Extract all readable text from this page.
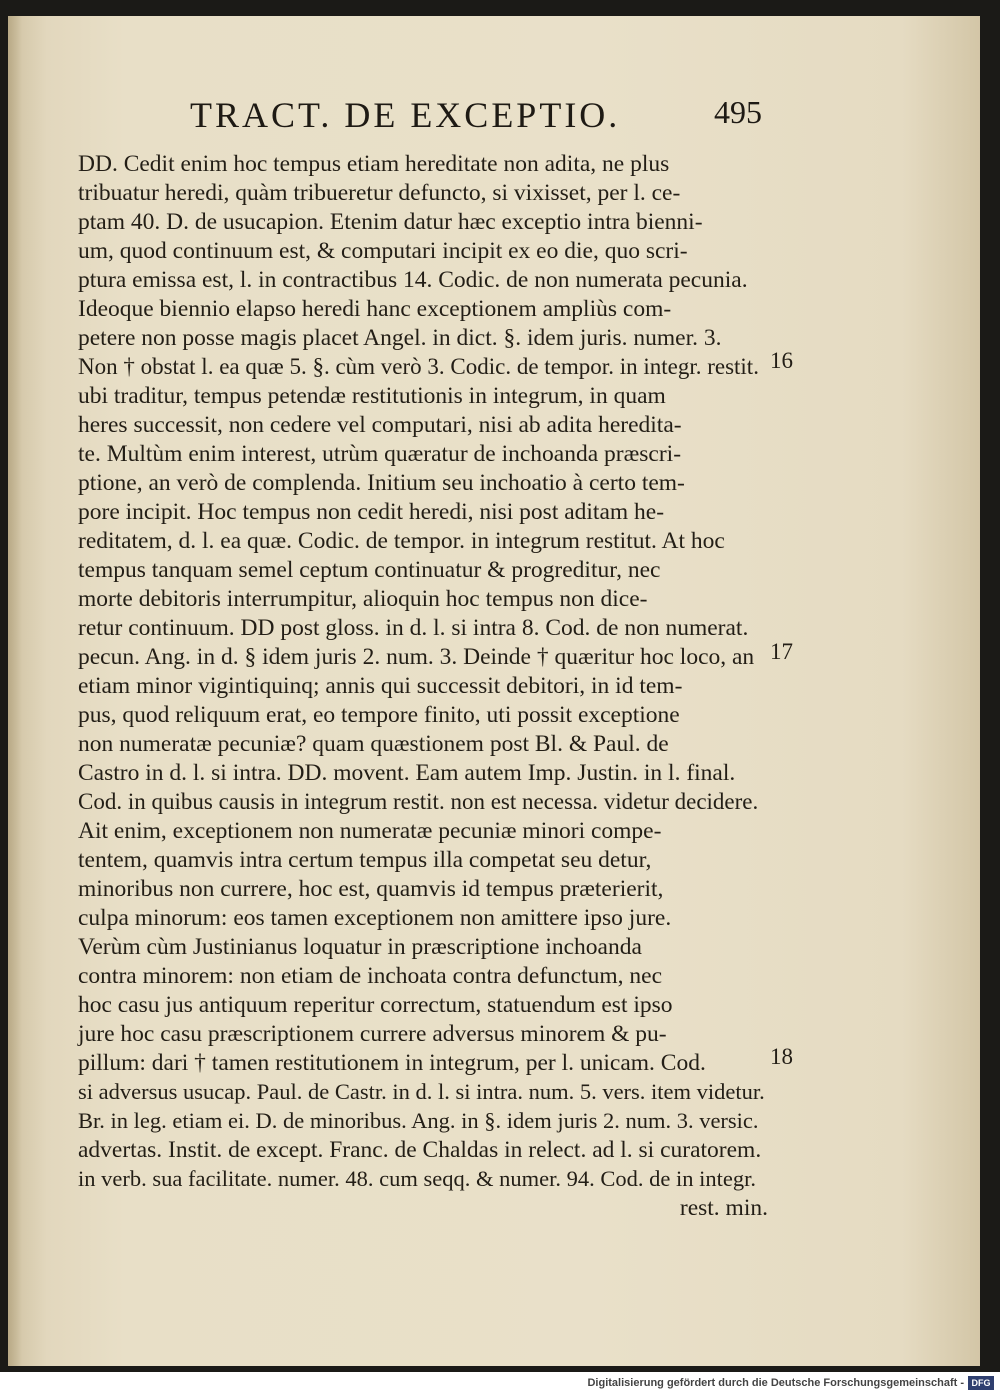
TRACT. DE EXCEPTIO.	495
DD. Cedit enim hoc tempus etiam hereditate non adita, ne plus
tribuatur heredi, quàm tribueretur defuncto, si vixisset, per l. ce-
ptam 40. D. de usucapion. Etenim datur hæc exceptio intra bienni-
um, quod continuum est, & computari incipit ex eo die, quo scri-
ptura emissa est, l. in contractibus 14. Codic. de non numerata pecunia.
Ideoque biennio elapso heredi hanc exceptionem ampliùs com-
petere non posse magis placet Angel. in dict. §. idem juris. numer. 3.
Non † obstat l. ea quæ 5. §. cùm verò 3. Codic. de tempor. in integr. restit.
ubi traditur, tempus petendæ restitutionis in integrum, in quam
heres successit, non cedere vel computari, nisi ab adita heredita-
te. Multùm enim interest, utrùm quæratur de inchoanda præscri-
ptione, an verò de complenda. Initium seu inchoatio à certo tem-
pore incipit. Hoc tempus non cedit heredi, nisi post aditam he-
reditatem, d. l. ea quæ. Codic. de tempor. in integrum restitut. At hoc
tempus tanquam semel ceptum continuatur & progreditur, nec
morte debitoris interrumpitur, alioquin hoc tempus non dice-
retur continuum. DD post gloss. in d. l. si intra 8. Cod. de non numerat.
pecun. Ang. in d. § idem juris 2. num. 3. Deinde † quæritur hoc loco, an
etiam minor vigintiquinq; annis qui successit debitori, in id tem-
pus, quod reliquum erat, eo tempore finito, uti possit exceptione
non numeratæ pecuniæ? quam quæstionem post Bl. & Paul. de
Castro in d. l. si intra. DD. movent. Eam autem Imp. Justin. in l. final.
Cod. in quibus causis in integrum restit. non est necessa. videtur decidere.
Ait enim, exceptionem non numeratæ pecuniæ minori compe-
tentem, quamvis intra certum tempus illa competat seu detur,
minoribus non currere, hoc est, quamvis id tempus præterierit,
culpa minorum: eos tamen exceptionem non amittere ipso jure.
Verùm cùm Justinianus loquatur in præscriptione inchoanda
contra minorem: non etiam de inchoata contra defunctum, nec
hoc casu jus antiquum reperitur correctum, statuendum est ipso
jure hoc casu præscriptionem currere adversus minorem & pu-
pillum: dari † tamen restitutionem in integrum, per l. unicam. Cod.
si adversus usucap. Paul. de Castr. in d. l. si intra. num. 5. vers. item videtur.
Br. in leg. etiam ei. D. de minoribus. Ang. in §. idem juris 2. num. 3. versic.
advertas. Instit. de except. Franc. de Chaldas in relect. ad l. si curatorem.
in verb. sua facilitate. numer. 48. cum seqq. & numer. 94. Cod. de in integr.
rest. min.
16
17
18
Digitalisierung gefördert durch die Deutsche Forschungsgemeinschaft - DFG
